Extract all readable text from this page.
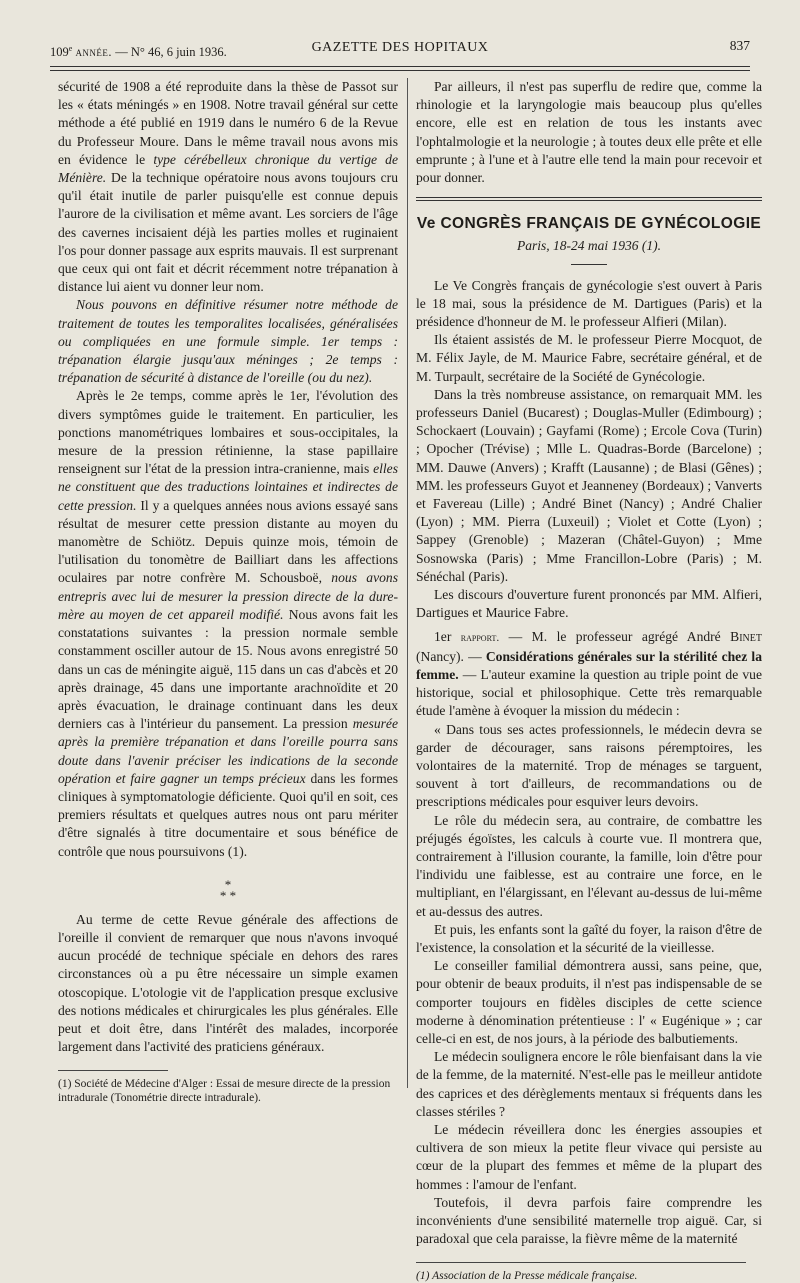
109e année. — N° 46, 6 juin 1936.	GAZETTE DES HOPITAUX	837

sécurité de 1908 a été reproduite dans la thèse de Passot sur les « états méningés » en 1908. Notre travail général sur cette méthode a été publié en 1919 dans le numéro 6 de la Revue du Professeur Moure. Dans le même travail nous avons mis en évidence le type cérébelleux chronique du vertige de Ménière. De la technique opératoire nous avons toujours cru qu'il était inutile de parler puisqu'elle est connue depuis l'aurore de la civilisation et même avant. Les sorciers de l'âge des cavernes incisaient déjà les parties molles et ruginaient l'os pour donner passage aux esprits mauvais. Il est surprenant que ceux qui ont fait et décrit récemment notre trépanation à distance lui aient vu donner leur nom.

Nous pouvons en définitive résumer notre méthode de traitement de toutes les temporalites localisées, généralisées ou compliquées en une formule simple. 1er temps : trépanation élargie jusqu'aux méninges ; 2e temps : trépanation de sécurité à distance de l'oreille (ou du nez).

Après le 2e temps, comme après le 1er, l'évolution des divers symptômes guide le traitement. En particulier, les ponctions manométriques lombaires et sous-occipitales, la mesure de la pression rétinienne, la stase papillaire renseignent sur l'état de la pression intra-cranienne, mais elles ne constituent que des traductions lointaines et indirectes de cette pression. Il y a quelques années nous avions essayé sans résultat de mesurer cette pression distante au moyen du manomètre de Schiötz. Depuis quinze mois, témoin de l'utilisation du tonomètre de Bailliart dans les affections oculaires par notre confrère M. Schousboë, nous avons entrepris avec lui de mesurer la pression directe de la dure-mère au moyen de cet appareil modifié. Nous avons fait les constatations suivantes : la pression normale semble constamment osciller autour de 15. Nous avons enregistré 50 dans un cas de méningite aiguë, 115 dans un cas d'abcès et 20 après drainage, 45 dans une importante arachnoïdite et 20 après évacuation, le drainage continuant dans les deux derniers cas à l'intérieur du pansement. La pression mesurée après la première trépanation et dans l'oreille pourra sans doute dans l'avenir préciser les indications de la seconde opération et faire gagner un temps précieux dans les formes cliniques à symptomatologie déficiente. Quoi qu'il en soit, ces premiers résultats et quelques autres nous ont paru mériter d'être signalés à titre documentaire et sous bénéfice de contrôle que nous poursuivons (1).

*
* *

Au terme de cette Revue générale des affections de l'oreille il convient de remarquer que nous n'avons invoqué aucun procédé de technique spéciale en dehors des rares circonstances où a pu être nécessaire un simple examen otoscopique. L'otologie vit de l'application presque exclusive des notions médicales et chirurgicales les plus générales. Elle peut et doit être, dans l'intérêt des malades, incorporée largement dans l'activité des praticiens généraux.

(1) Société de Médecine d'Alger : Essai de mesure directe de la pression intradurale (Tonométrie directe intradurale).

Par ailleurs, il n'est pas superflu de redire que, comme la rhinologie et la laryngologie mais beaucoup plus qu'elles encore, elle est en relation de tous les instants avec l'ophtalmologie et la neurologie ; à toutes deux elle prête et elle emprunte ; à l'une et à l'autre elle tend la main pour recevoir et pour donner.

Ve CONGRÈS FRANÇAIS DE GYNÉCOLOGIE
Paris, 18-24 mai 1936 (1).

Le Ve Congrès français de gynécologie s'est ouvert à Paris le 18 mai, sous la présidence de M. Dartigues (Paris) et la présidence d'honneur de M. le professeur Alfieri (Milan).

Ils étaient assistés de M. le professeur Pierre Mocquot, de M. Félix Jayle, de M. Maurice Fabre, secrétaire général, et de M. Turpault, secrétaire de la Société de Gynécologie.

Dans la très nombreuse assistance, on remarquait MM. les professeurs Daniel (Bucarest) ; Douglas-Muller (Edimbourg) ; Schockaert (Louvain) ; Gayfami (Rome) ; Ercole Cova (Turin) ; Opocher (Trévise) ; Mlle L. Quadras-Borde (Barcelone) ; MM. Dauwe (Anvers) ; Krafft (Lausanne) ; de Blasi (Gênes) ; MM. les professeurs Guyot et Jeanneney (Bordeaux) ; Vanverts et Favereau (Lille) ; André Binet (Nancy) ; André Chalier (Lyon) ; MM. Pierra (Luxeuil) ; Violet et Cotte (Lyon) ; Sappey (Grenoble) ; Mazeran (Châtel-Guyon) ; Mme Sosnowska (Paris) ; Mme Francillon-Lobre (Paris) ; M. Sénéchal (Paris).

Les discours d'ouverture furent prononcés par MM. Alfieri, Dartigues et Maurice Fabre.

1er rapport. — M. le professeur agrégé André Binet (Nancy). — Considérations générales sur la stérilité chez la femme. — L'auteur examine la question au triple point de vue historique, social et philosophique. Cette très remarquable étude l'amène à évoquer la mission du médecin :

« Dans tous ses actes professionnels, le médecin devra se garder de décourager, sans raisons péremptoires, les volontaires de la maternité. Trop de ménages se targuent, souvent à tort d'ailleurs, de recommandations ou de prescriptions médicales pour esquiver leurs devoirs.

Le rôle du médecin sera, au contraire, de combattre les préjugés égoïstes, les calculs à courte vue. Il montrera que, contrairement à l'illusion courante, la famille, loin d'être pour l'individu une faiblesse, est au contraire une force, en le multipliant, en l'élargissant, en l'élevant au-dessus de lui-même et au-dessus des autres.

Et puis, les enfants sont la gaîté du foyer, la raison d'être de l'existence, la consolation et la sécurité de la vieillesse.

Le conseiller familial démontrera aussi, sans peine, que, pour obtenir de beaux produits, il n'est pas indispensable de se comporter toujours en fidèles disciples de cette science moderne à dénomination prétentieuse : l' « Eugénique » ; car celle-ci en est, de nos jours, à la période des balbutiements.

Le médecin soulignera encore le rôle bienfaisant dans la vie de la femme, de la maternité. N'est-elle pas le meilleur antidote des caprices et des dérèglements mentaux si fréquents dans les classes stériles ?

Le médecin réveillera donc les énergies assoupies et cultivera de son mieux la petite fleur vivace qui persiste au cœur de la plupart des femmes et même de la plupart des hommes : l'amour de l'enfant.

Toutefois, il devra parfois faire comprendre les inconvénients d'une sensibilité maternelle trop aiguë. Car, si paradoxal que cela paraisse, la fièvre même de la maternité

(1) Association de la Presse médicale française.
